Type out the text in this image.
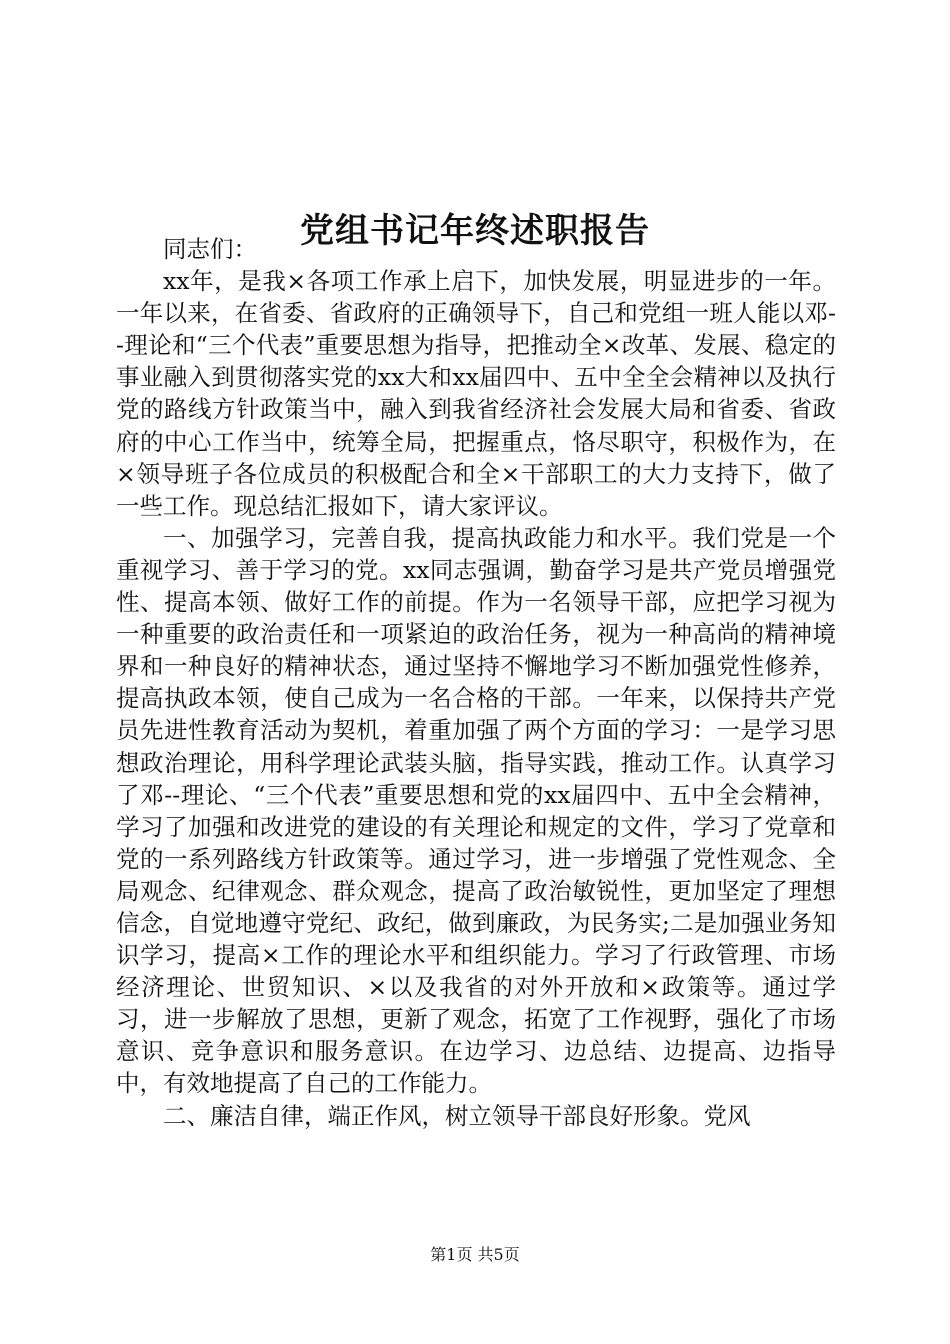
党组书记年终述职报告

同志们：

xx年，是我×各项工作承上启下，加快发展，明显进步的一年。一年以来，在省委、省政府的正确领导下，自己和党组一班人能以邓--理论和“三个代表”重要思想为指导，把推动全×改革、发展、稳定的事业融入到贯彻落实党的xx大和xx届四中、五中全全会精神以及执行党的路线方针政策当中，融入到我省经济社会发展大局和省委、省政府的中心工作当中，统筹全局，把握重点，恪尽职守，积极作为，在×领导班子各位成员的积极配合和全×干部职工的大力支持下，做了一些工作。现总结汇报如下，请大家评议。

一、加强学习，完善自我，提高执政能力和水平。我们党是一个重视学习、善于学习的党。xx同志强调，勤奋学习是共产党员增强党性、提高本领、做好工作的前提。作为一名领导干部，应把学习视为一种重要的政治责任和一项紧迫的政治任务，视为一种高尚的精神境界和一种良好的精神状态，通过坚持不懈地学习不断加强党性修养，提高执政本领，使自己成为一名合格的干部。一年来，以保持共产党员先进性教育活动为契机，着重加强了两个方面的学习：一是学习思想政治理论，用科学理论武装头脑，指导实践，推动工作。认真学习了邓--理论、“三个代表”重要思想和党的xx届四中、五中全会精神，学习了加强和改进党的建设的有关理论和规定的文件，学习了党章和党的一系列路线方针政策等。通过学习，进一步增强了党性观念、全局观念、纪律观念、群众观念，提高了政治敏锐性，更加坚定了理想信念，自觉地遵守党纪、政纪，做到廉政，为民务实;二是加强业务知识学习，提高×工作的理论水平和组织能力。学习了行政管理、市场经济理论、世贸知识、×以及我省的对外开放和×政策等。通过学习，进一步解放了思想，更新了观念，拓宽了工作视野，强化了市场意识、竞争意识和服务意识。在边学习、边总结、边提高、边指导中，有效地提高了自己的工作能力。

二、廉洁自律，端正作风，树立领导干部良好形象。党风

第1页 共5页
